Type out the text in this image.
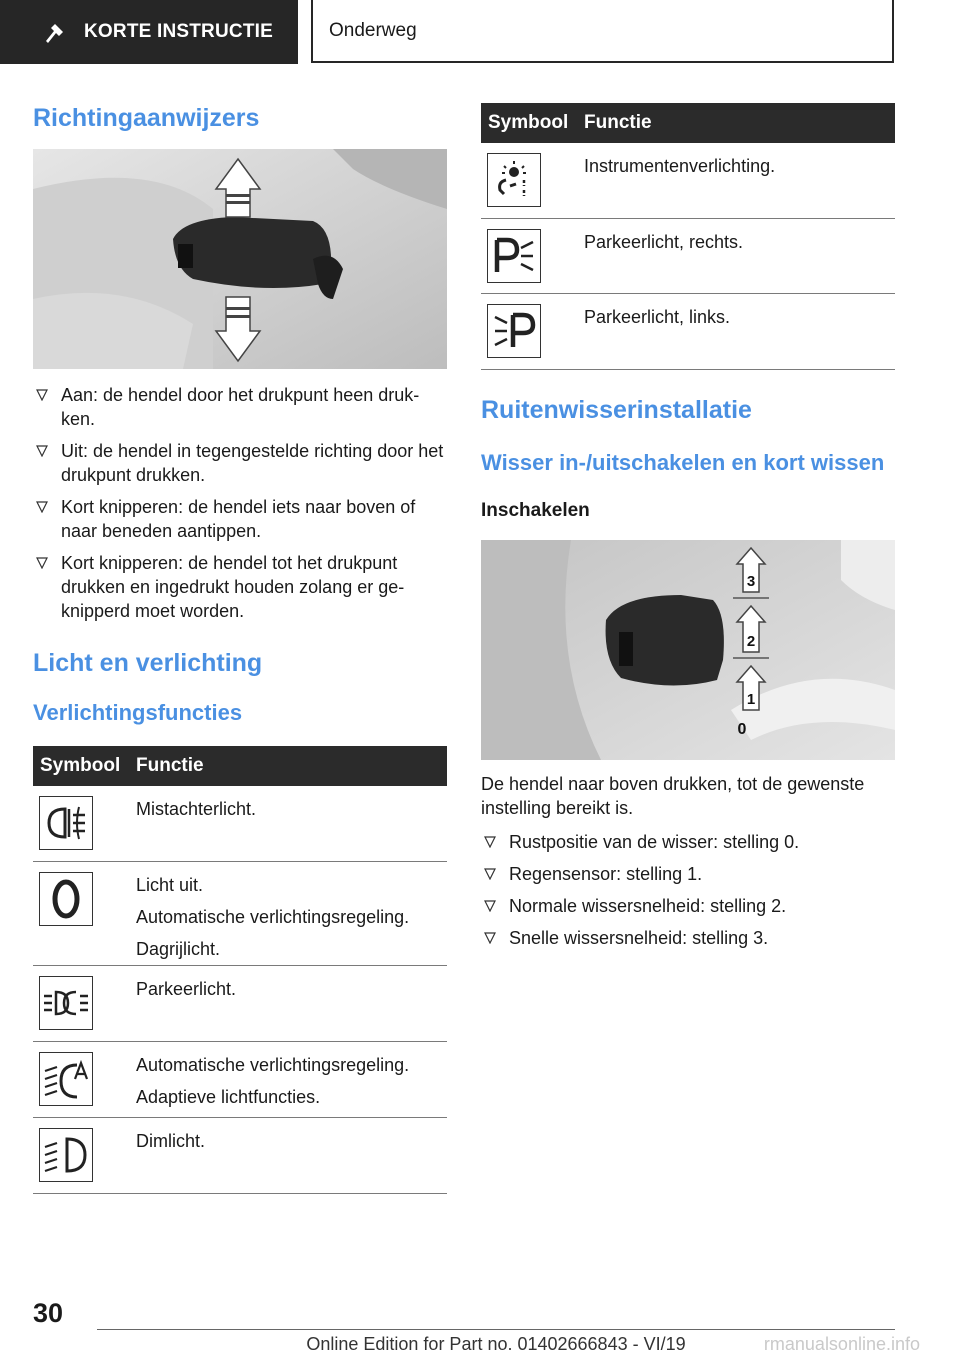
KORTE INSTRUCTIE	Onderweg
Richtingaanwijzers
Aan: de hendel door het drukpunt heen druk-ken.
Uit: de hendel in tegengestelde richting door het drukpunt drukken.
Kort knipperen: de hendel iets naar boven of naar beneden aantippen.
Kort knipperen: de hendel tot het drukpunt drukken en ingedrukt houden zolang er ge-knipperd moet worden.
Licht en verlichting
Verlichtingsfuncties
Symbool Functie
Mistachterlicht.
Licht uit.
Automatische verlichtingsregeling.
Dagrijlicht.
Parkeerlicht.
Automatische verlichtingsregeling.
Adaptieve lichtfuncties.
Dimlicht.
Symbool Functie
Instrumentenverlichting.
Parkeerlicht, rechts.
Parkeerlicht, links.
Ruitenwisserinstallatie
Wisser in-/uitschakelen en kort wissen
Inschakelen
3
2
1
0

De hendel naar boven drukken, tot de gewenste instelling bereikt is.

Rustpositie van de wisser: stelling 0.
Regensensor: stelling 1.
Normale wissersnelheid: stelling 2.
Snelle wissersnelheid: stelling 3.
30
Online Edition for Part no. 01402666843 - VI/19	rmanualsonline.info
